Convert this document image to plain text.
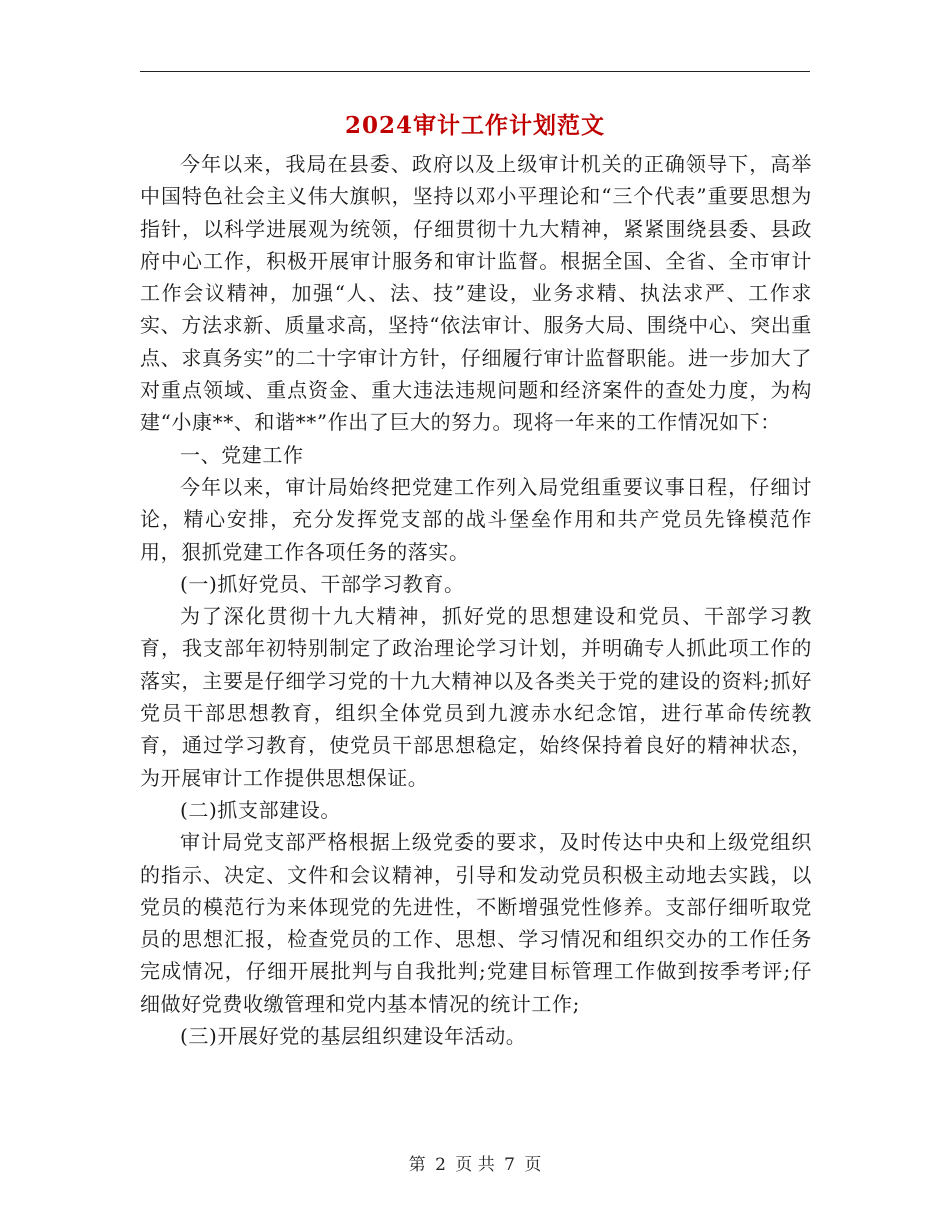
2024审计工作计划范文

今年以来，我局在县委、政府以及上级审计机关的正确领导下，高举中国特色社会主义伟大旗帜，坚持以邓小平理论和“三个代表”重要思想为指针，以科学进展观为统领，仔细贯彻十九大精神，紧紧围绕县委、县政府中心工作，积极开展审计服务和审计监督。根据全国、全省、全市审计工作会议精神，加强“人、法、技”建设，业务求精、执法求严、工作求实、方法求新、质量求高，坚持“依法审计、服务大局、围绕中心、突出重点、求真务实”的二十字审计方针，仔细履行审计监督职能。进一步加大了对重点领域、重点资金、重大违法违规问题和经济案件的查处力度，为构建“小康**、和谐**”作出了巨大的努力。现将一年来的工作情况如下：

一、党建工作

今年以来，审计局始终把党建工作列入局党组重要议事日程，仔细讨论，精心安排，充分发挥党支部的战斗堡垒作用和共产党员先锋模范作用，狠抓党建工作各项任务的落实。

(一)抓好党员、干部学习教育。

为了深化贯彻十九大精神，抓好党的思想建设和党员、干部学习教育，我支部年初特别制定了政治理论学习计划，并明确专人抓此项工作的落实，主要是仔细学习党的十九大精神以及各类关于党的建设的资料;抓好党员干部思想教育，组织全体党员到九渡赤水纪念馆，进行革命传统教育，通过学习教育，使党员干部思想稳定，始终保持着良好的精神状态，为开展审计工作提供思想保证。

(二)抓支部建设。

审计局党支部严格根据上级党委的要求，及时传达中央和上级党组织的指示、决定、文件和会议精神，引导和发动党员积极主动地去实践，以党员的模范行为来体现党的先进性，不断增强党性修养。支部仔细听取党员的思想汇报，检查党员的工作、思想、学习情况和组织交办的工作任务完成情况，仔细开展批判与自我批判;党建目标管理工作做到按季考评;仔细做好党费收缴管理和党内基本情况的统计工作;

(三)开展好党的基层组织建设年活动。

第 2 页 共 7 页
